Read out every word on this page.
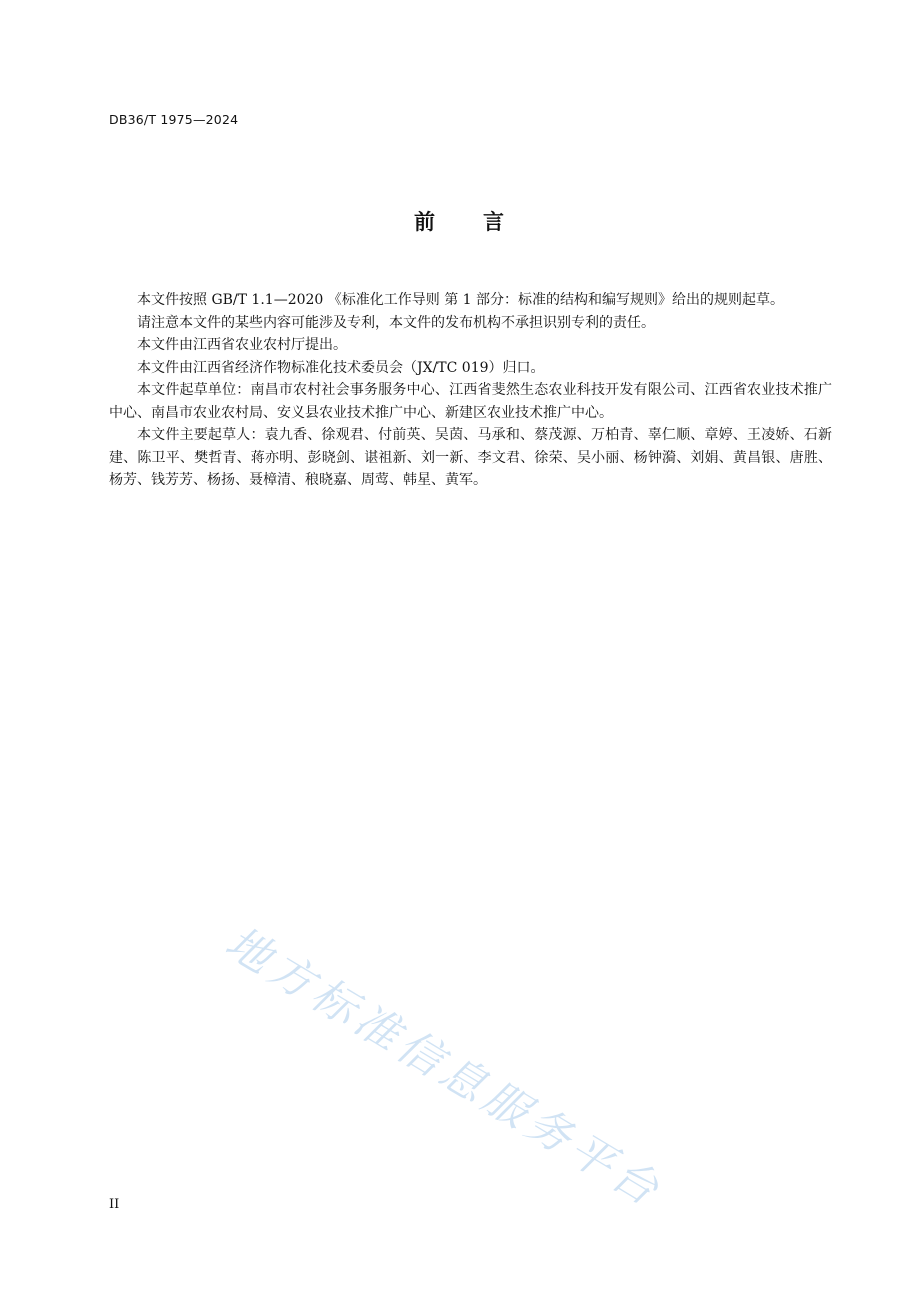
DB36/T 1975—2024
前　　言

本文件按照 GB/T 1.1—2020 《标准化工作导则 第 1 部分：标准的结构和编写规则》给出的规则起草。

请注意本文件的某些内容可能涉及专利，本文件的发布机构不承担识别专利的责任。

本文件由江西省农业农村厅提出。

本文件由江西省经济作物标准化技术委员会（JX/TC 019）归口。

本文件起草单位：南昌市农村社会事务服务中心、江西省斐然生态农业科技开发有限公司、江西省农业技术推广中心、南昌市农业农村局、安义县农业技术推广中心、新建区农业技术推广中心。

本文件主要起草人：袁九香、徐观君、付前英、吴茵、马承和、蔡茂源、万柏青、辜仁顺、章婷、王凌娇、石新建、陈卫平、樊哲青、蒋亦明、彭晓剑、谌祖新、刘一新、李文君、徐荣、吴小丽、杨钟漪、刘娟、黄昌银、唐胜、杨芳、钱芳芳、杨扬、聂樟清、稂晓嘉、周莺、韩星、黄军。

地方标准信息服务平台
II
